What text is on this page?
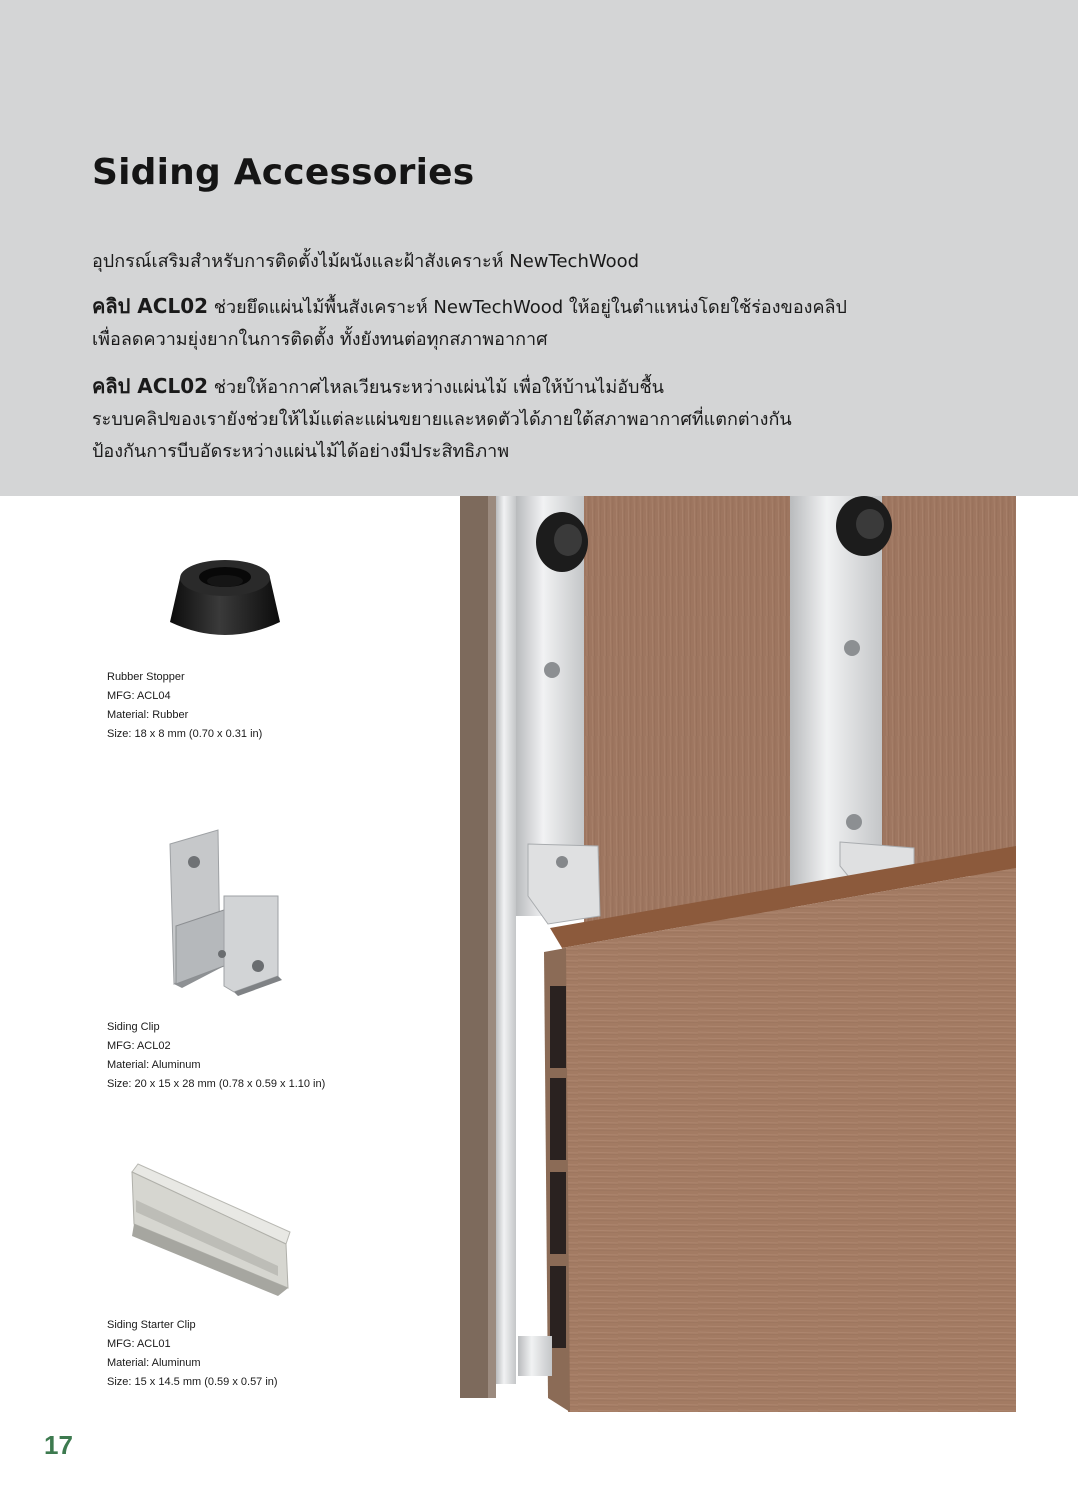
Siding Accessories
อุปกรณ์เสริมสำหรับการติดตั้งไม้ผนังและฝ้าสังเคราะห์ NewTechWood
คลิป ACL02 ช่วยยึดแผ่นไม้พื้นสังเคราะห์ NewTechWood ให้อยู่ในตำแหน่งโดยใช้ร่องของคลิป
เพื่อลดความยุ่งยากในการติดตั้ง ทั้งยังทนต่อทุกสภาพอากาศ
คลิป ACL02 ช่วยให้อากาศไหลเวียนระหว่างแผ่นไม้ เพื่อให้บ้านไม่อับชื้น
ระบบคลิปของเรายังช่วยให้ไม้แต่ละแผ่นขยายและหดตัวได้ภายใต้สภาพอากาศที่แตกต่างกัน
ป้องกันการบีบอัดระหว่างแผ่นไม้ได้อย่างมีประสิทธิภาพ
Rubber Stopper
MFG: ACL04
Material: Rubber
Size: 18 x 8 mm (0.70 x 0.31 in)
Siding Clip
MFG: ACL02
Material: Aluminum
Size: 20 x 15 x 28 mm (0.78 x 0.59 x 1.10 in)
Siding Starter Clip
MFG: ACL01
Material: Aluminum
Size: 15 x 14.5 mm (0.59 x 0.57 in)
17
